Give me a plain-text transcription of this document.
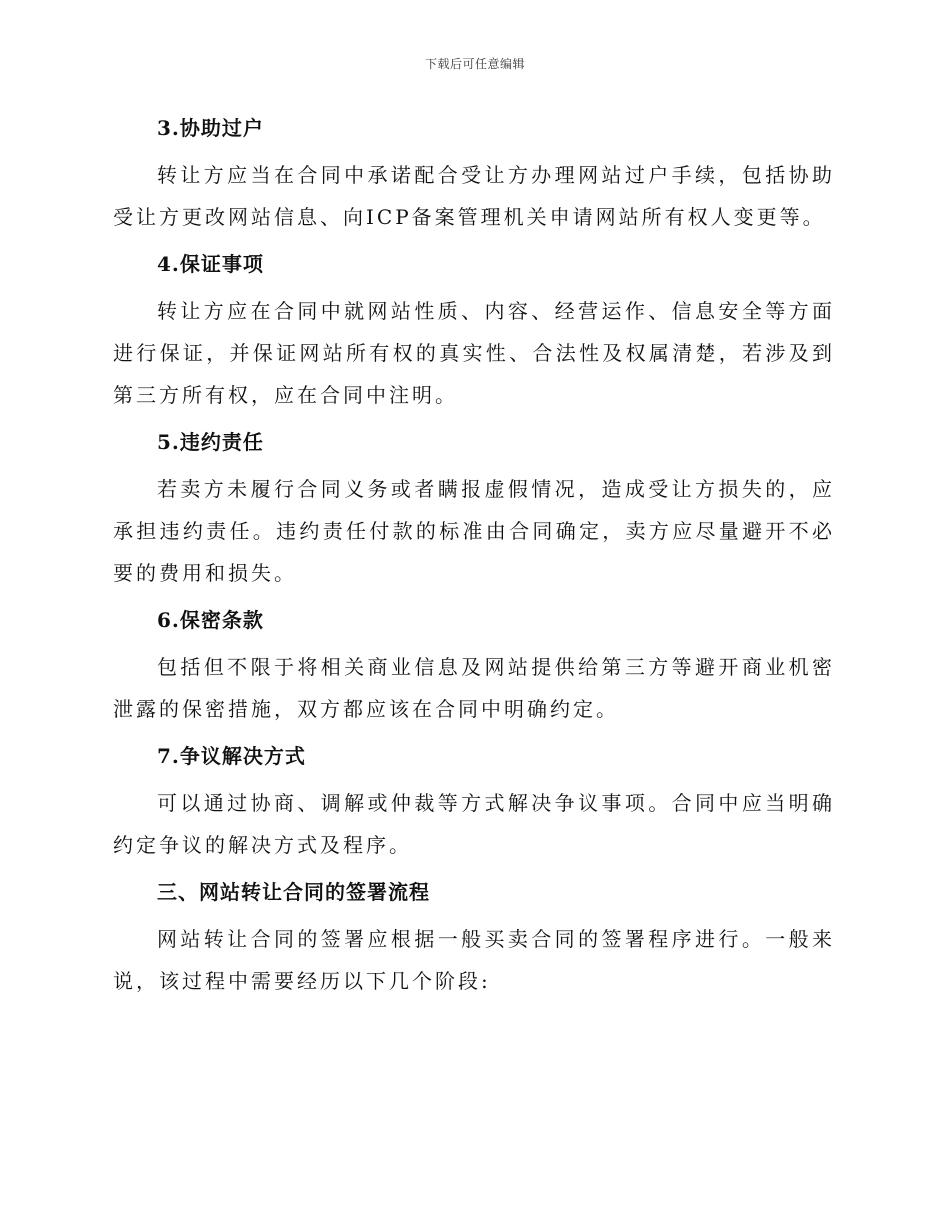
下载后可任意编辑
3.协助过户
转让方应当在合同中承诺配合受让方办理网站过户手续，包括协助受让方更改网站信息、向ICP备案管理机关申请网站所有权人变更等。
4.保证事项
转让方应在合同中就网站性质、内容、经营运作、信息安全等方面进行保证，并保证网站所有权的真实性、合法性及权属清楚，若涉及到第三方所有权，应在合同中注明。
5.违约责任
若卖方未履行合同义务或者瞒报虚假情况，造成受让方损失的，应承担违约责任。违约责任付款的标准由合同确定，卖方应尽量避开不必要的费用和损失。
6.保密条款
包括但不限于将相关商业信息及网站提供给第三方等避开商业机密泄露的保密措施，双方都应该在合同中明确约定。
7.争议解决方式
可以通过协商、调解或仲裁等方式解决争议事项。合同中应当明确约定争议的解决方式及程序。
三、网站转让合同的签署流程
网站转让合同的签署应根据一般买卖合同的签署程序进行。一般来说，该过程中需要经历以下几个阶段:
